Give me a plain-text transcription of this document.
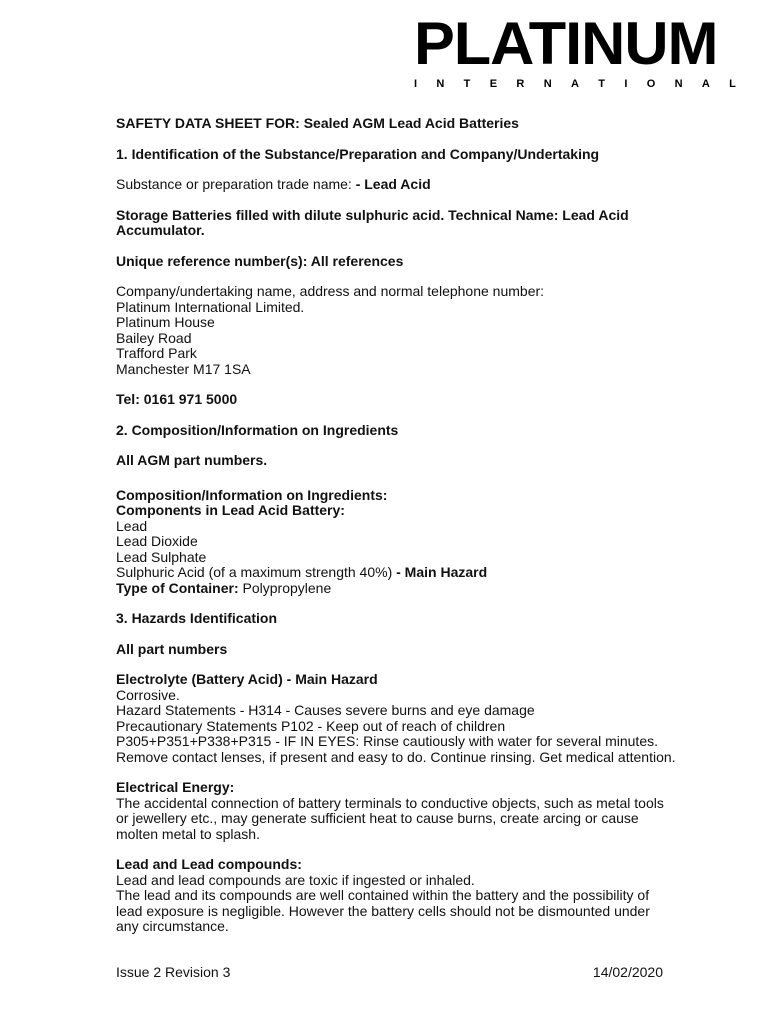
PLATINUM
I N T E R N A T I O N A L

SAFETY DATA SHEET FOR: Sealed AGM Lead Acid Batteries

1. Identification of the Substance/Preparation and Company/Undertaking

Substance or preparation trade name: - Lead Acid

Storage Batteries filled with dilute sulphuric acid. Technical Name: Lead Acid Accumulator.

Unique reference number(s): All references

Company/undertaking name, address and normal telephone number:
Platinum International Limited.
Platinum House
Bailey Road
Trafford Park
Manchester M17 1SA

Tel: 0161 971 5000

2. Composition/Information on Ingredients

All AGM part numbers.

Composition/Information on Ingredients:
Components in Lead Acid Battery:
Lead
Lead Dioxide
Lead Sulphate
Sulphuric Acid (of a maximum strength 40%) - Main Hazard
Type of Container: Polypropylene

3. Hazards Identification

All part numbers

Electrolyte (Battery Acid) - Main Hazard
Corrosive.
Hazard Statements - H314 - Causes severe burns and eye damage
Precautionary Statements P102 - Keep out of reach of children
P305+P351+P338+P315 - IF IN EYES: Rinse cautiously with water for several minutes. Remove contact lenses, if present and easy to do. Continue rinsing. Get medical attention.

Electrical Energy:
The accidental connection of battery terminals to conductive objects, such as metal tools or jewellery etc., may generate sufficient heat to cause burns, create arcing or cause molten metal to splash.

Lead and Lead compounds:
Lead and lead compounds are toxic if ingested or inhaled.
The lead and its compounds are well contained within the battery and the possibility of lead exposure is negligible. However the battery cells should not be dismounted under any circumstance.

Issue 2 Revision 3	14/02/2020
